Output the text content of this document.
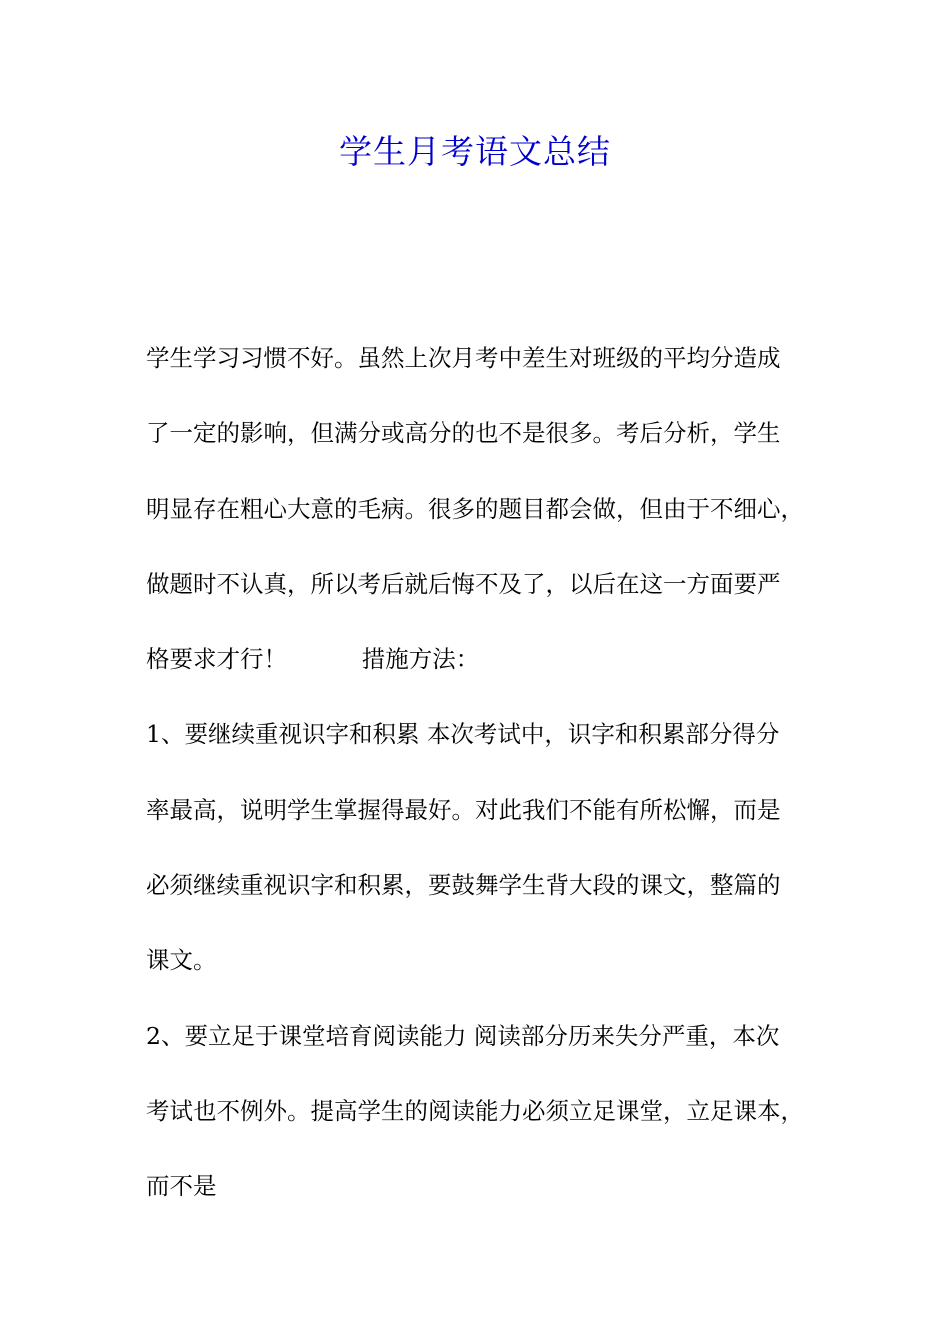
学生月考语文总结
学生学习习惯不好。虽然上次月考中差生对班级的平均分造成
了一定的影响，但满分或高分的也不是很多。考后分析，学生
明显存在粗心大意的毛病。很多的题目都会做，但由于不细心，
做题时不认真，所以考后就后悔不及了，以后在这一方面要严
格要求才行！          措施方法：
1、要继续重视识字和积累 本次考试中，识字和积累部分得分
率最高，说明学生掌握得最好。对此我们不能有所松懈，而是
必须继续重视识字和积累，要鼓舞学生背大段的课文，整篇的
课文。
2、要立足于课堂培育阅读能力 阅读部分历来失分严重，本次
考试也不例外。提高学生的阅读能力必须立足课堂，立足课本，
而不是
